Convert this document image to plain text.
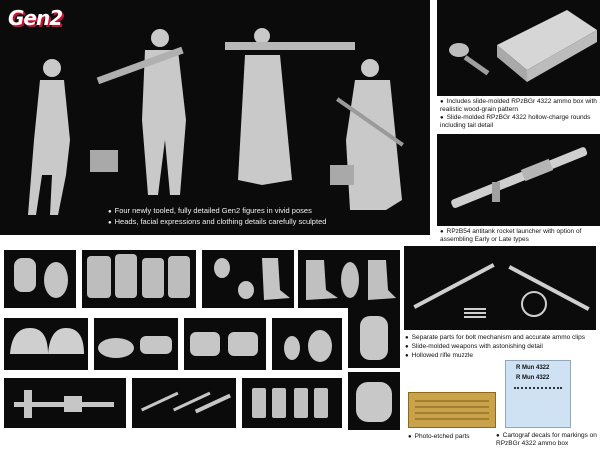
Gen2
● Four newly tooled, fully detailed Gen2 figures in vivid poses
● Heads, facial expressions and clothing details carefully sculpted
● Includes slide-molded RPzBGr 4322 ammo box with realistic wood-grain pattern
● Slide-molded RPzBGr 4322 hollow-charge rounds including tail detail
● RPzB54 antitank rocket launcher with option of assembling Early or Late types
● Separate parts for bolt mechanism and accurate ammo clips
● Slide-molded weapons with astonishing detail
● Hollowed rifle muzzle
● Photo-etched parts
R Mun 4322
R Mun 4322
● Cartograf decals for markings on RPzBGr 4322 ammo box
